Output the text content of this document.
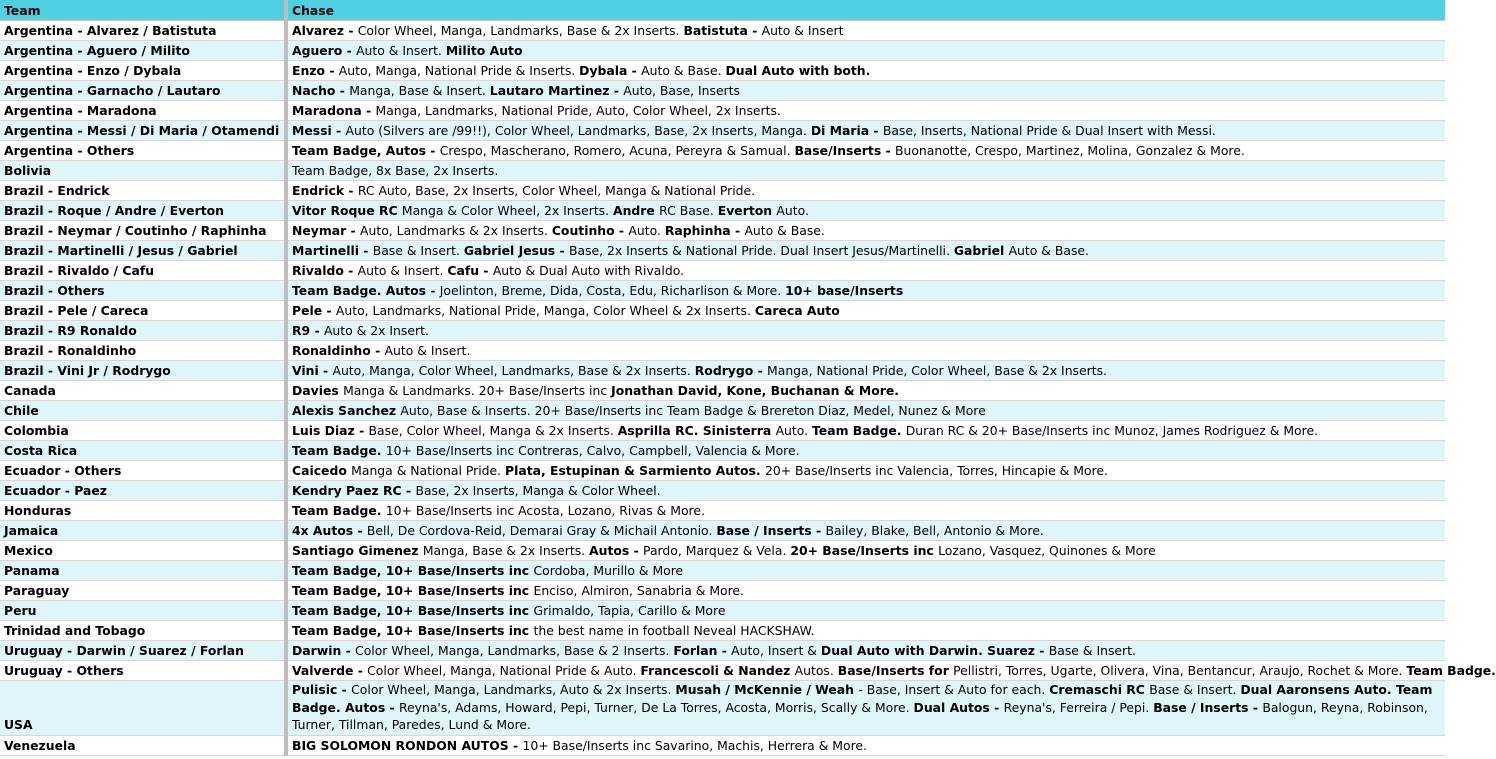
Team	Chase
Argentina - Alvarez / Batistuta	Alvarez - Color Wheel, Manga, Landmarks, Base & 2x Inserts. Batistuta - Auto & Insert
Argentina - Aguero / Milito	Aguero - Auto & Insert. Milito Auto
Argentina - Enzo / Dybala	Enzo - Auto, Manga, National Pride & Inserts. Dybala - Auto & Base. Dual Auto with both.
Argentina - Garnacho / Lautaro	Nacho - Manga, Base & Insert. Lautaro Martinez - Auto, Base, Inserts
Argentina - Maradona	Maradona - Manga, Landmarks, National Pride, Auto, Color Wheel, 2x Inserts.
Argentina - Messi / Di Maria / Otamendi	Messi - Auto (Silvers are /99!!), Color Wheel, Landmarks, Base, 2x Inserts, Manga. Di Maria - Base, Inserts, National Pride & Dual Insert with Messi.
Argentina - Others	Team Badge, Autos - Crespo, Mascherano, Romero, Acuna, Pereyra & Samual. Base/Inserts - Buonanotte, Crespo, Martinez, Molina, Gonzalez & More.
Bolivia	Team Badge, 8x Base, 2x Inserts.
Brazil - Endrick	Endrick - RC Auto, Base, 2x Inserts, Color Wheel, Manga & National Pride.
Brazil - Roque / Andre / Everton	Vitor Roque RC Manga & Color Wheel, 2x Inserts. Andre RC Base. Everton Auto.
Brazil - Neymar / Coutinho / Raphinha	Neymar - Auto, Landmarks & 2x Inserts. Coutinho - Auto. Raphinha - Auto & Base.
Brazil - Martinelli / Jesus / Gabriel	Martinelli - Base & Insert. Gabriel Jesus - Base, 2x Inserts & National Pride. Dual Insert Jesus/Martinelli. Gabriel Auto & Base.
Brazil - Rivaldo / Cafu	Rivaldo - Auto & Insert. Cafu - Auto & Dual Auto with Rivaldo.
Brazil - Others	Team Badge. Autos - Joelinton, Breme, Dida, Costa, Edu, Richarlison & More. 10+ base/Inserts
Brazil - Pele / Careca	Pele - Auto, Landmarks, National Pride, Manga, Color Wheel & 2x Inserts. Careca Auto
Brazil - R9 Ronaldo	R9 - Auto & 2x Insert.
Brazil - Ronaldinho	Ronaldinho - Auto & Insert.
Brazil - Vini Jr / Rodrygo	Vini - Auto, Manga, Color Wheel, Landmarks, Base & 2x Inserts. Rodrygo - Manga, National Pride, Color Wheel, Base & 2x Inserts.
Canada	Davies Manga & Landmarks. 20+ Base/Inserts inc Jonathan David, Kone, Buchanan & More.
Chile	Alexis Sanchez Auto, Base & Inserts. 20+ Base/Inserts inc Team Badge & Brereton Diaz, Medel, Nunez & More
Colombia	Luis Diaz - Base, Color Wheel, Manga & 2x Inserts. Asprilla RC. Sinisterra Auto. Team Badge. Duran RC & 20+ Base/Inserts inc Munoz, James Rodriguez & More.
Costa Rica	Team Badge. 10+ Base/Inserts inc Contreras, Calvo, Campbell, Valencia & More.
Ecuador - Others	Caicedo Manga & National Pride. Plata, Estupinan & Sarmiento Autos. 20+ Base/Inserts inc Valencia, Torres, Hincapie & More.
Ecuador - Paez	Kendry Paez RC - Base, 2x Inserts, Manga & Color Wheel.
Honduras	Team Badge. 10+ Base/Inserts inc Acosta, Lozano, Rivas & More.
Jamaica	4x Autos - Bell, De Cordova-Reid, Demarai Gray & Michail Antonio. Base / Inserts - Bailey, Blake, Bell, Antonio & More.
Mexico	Santiago Gimenez Manga, Base & 2x Inserts. Autos - Pardo, Marquez & Vela. 20+ Base/Inserts inc Lozano, Vasquez, Quinones & More
Panama	Team Badge, 10+ Base/Inserts inc Cordoba, Murillo & More
Paraguay	Team Badge, 10+ Base/Inserts inc Enciso, Almiron, Sanabria & More.
Peru	Team Badge, 10+ Base/Inserts inc Grimaldo, Tapia, Carillo & More
Trinidad and Tobago	Team Badge, 10+ Base/Inserts inc the best name in football Neveal HACKSHAW.
Uruguay - Darwin / Suarez / Forlan	Darwin - Color Wheel, Manga, Landmarks, Base & 2 Inserts. Forlan - Auto, Insert & Dual Auto with Darwin. Suarez - Base & Insert.
Uruguay - Others	Valverde - Color Wheel, Manga, National Pride & Auto. Francescoli & Nandez Autos. Base/Inserts for Pellistri, Torres, Ugarte, Olivera, Vina, Bentancur, Araujo, Rochet & More. Team Badge.
USA	Pulisic - Color Wheel, Manga, Landmarks, Auto & 2x Inserts. Musah / McKennie / Weah - Base, Insert & Auto for each. Cremaschi RC Base & Insert. Dual Aaronsens Auto. Team Badge. Autos - Reyna's, Adams, Howard, Pepi, Turner, De La Torres, Acosta, Morris, Scally & More. Dual Autos - Reyna's, Ferreira / Pepi. Base / Inserts - Balogun, Reyna, Robinson, Turner, Tillman, Paredes, Lund & More.
Venezuela	BIG SOLOMON RONDON AUTOS - 10+ Base/Inserts inc Savarino, Machis, Herrera & More.
